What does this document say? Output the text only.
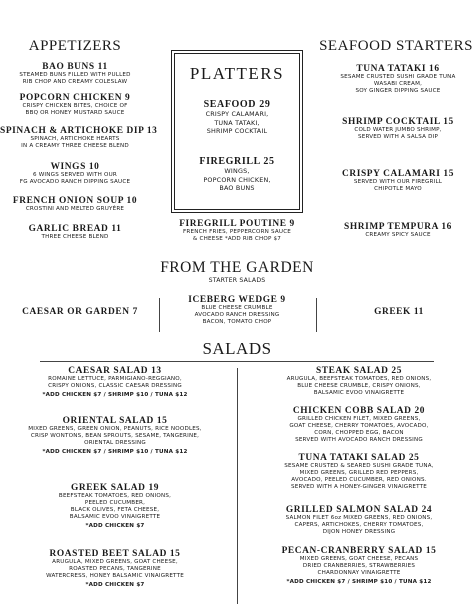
APPETIZERS
BAO BUNS 11
STEAMED BUNS FILLED WITH PULLED
RIB CHOP AND CREAMY COLESLAW
POPCORN CHICKEN 9
CRISPY CHICKEN BITES, CHOICE OF
BBQ OR HONEY MUSTARD SAUCE
SPINACH & ARTICHOKE DIP 13
SPINACH, ARTICHOKE HEARTS
IN A CREAMY THREE CHEESE BLEND
WINGS 10
6 WINGS SERVED WITH OUR
FG AVOCADO RANCH DIPPING SAUCE
FRENCH ONION SOUP 10
CROSTINI AND MELTED GRUYÈRE
GARLIC BREAD 11
THREE CHEESE BLEND
PLATTERS
SEAFOOD 29
CRISPY CALAMARI,
TUNA TATAKI,
SHRIMP COCKTAIL
FIREGRILL 25
WINGS,
POPCORN CHICKEN,
BAO BUNS
FIREGRILL POUTINE 9
FRENCH FRIES, PEPPERCORN SAUCE
& CHEESE *ADD RIB CHOP $7
SEAFOOD STARTERS
TUNA TATAKI 16
SESAME CRUSTED SUSHI GRADE TUNA
WASABI CREAM,
SOY GINGER DIPPING SAUCE
SHRIMP COCKTAIL 15
COLD WATER JUMBO SHRIMP,
SERVED WITH A SALSA DIP
CRISPY CALAMARI 15
SERVED WITH OUR FIREGRILL
CHIPOTLE MAYO
SHRIMP TEMPURA 16
CREAMY SPICY SAUCE
FROM THE GARDEN
STARTER SALADS
CAESAR OR GARDEN 7
ICEBERG WEDGE 9
BLUE CHEESE CRUMBLE
AVOCADO RANCH DRESSING
BACON, TOMATO CHOP
GREEK 11
SALADS
CAESAR SALAD 13
ROMAINE LETTUCE, PARMIGIANO-REGGIANO,
CRISPY ONIONS, CLASSIC CAESAR DRESSING
*ADD CHICKEN $7 / SHRIMP $10 / TUNA $12
ORIENTAL SALAD 15
MIXED GREENS, GREEN ONION, PEANUTS, RICE NOODLES,
CRISP WONTONS, BEAN SPROUTS, SESAME, TANGERINE,
ORIENTAL DRESSING
*ADD CHICKEN $7 / SHRIMP $10 / TUNA $12
GREEK SALAD 19
BEEFSTEAK TOMATOES, RED ONIONS,
PEELED CUCUMBER,
BLACK OLIVES, FETA CHEESE,
BALSAMIC EVOO VINAIGRETTE
*ADD CHICKEN $7
ROASTED BEET SALAD 15
ARUGULA, MIXED GREENS, GOAT CHEESE,
ROASTED PECANS, TANGERINE
WATERCRESS, HONEY BALSAMIC VINAIGRETTE
*ADD CHICKEN $7
STEAK SALAD 25
ARUGULA, BEEFSTEAK TOMATOES, RED ONIONS,
BLUE CHEESE CRUMBLE, CRISPY ONIONS,
BALSAMIC EVOO VINAIGRETTE
CHICKEN COBB SALAD 20
GRILLED CHICKEN FILET, MIXED GREENS,
GOAT CHEESE, CHERRY TOMATOES, AVOCADO,
CORN, CHOPPED EGG, BACON
SERVED WITH AVOCADO RANCH DRESSING
TUNA TATAKI SALAD 25
SESAME CRUSTED & SEARED SUSHI GRADE TUNA,
MIXED GREENS, GRILLED RED PEPPERS,
AVOCADO, PEELED CUCUMBER, RED ONIONS.
SERVED WITH A HONEY-GINGER VINAIGRETTE
GRILLED SALMON SALAD 24
SALMON FILET 6oz MIXED GREENS, RED ONIONS,
CAPERS, ARTICHOKES, CHERRY TOMATOES,
DIJON HONEY DRESSING
PECAN-CRANBERRY SALAD 15
MIXED GREENS, GOAT CHEESE, PECANS
DRIED CRANBERRIES, STRAWBERRIES
CHARDONNAY VINAIGRETTE
*ADD CHICKEN $7 / SHRIMP $10 / TUNA $12
